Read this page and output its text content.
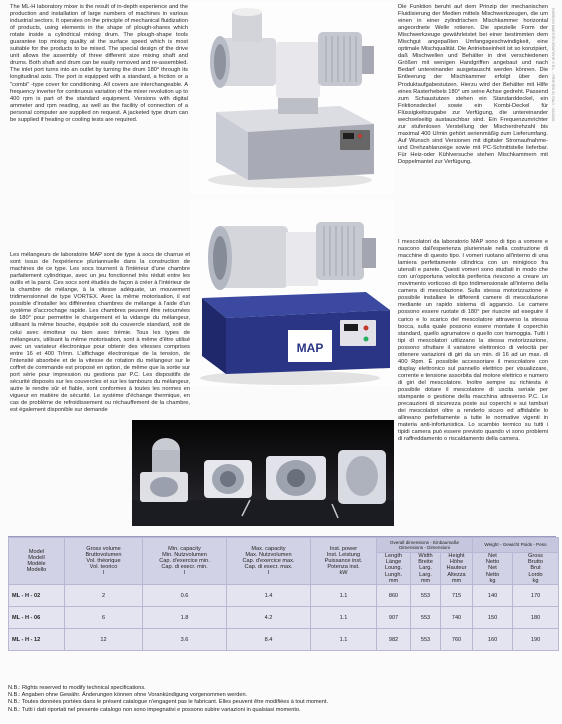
The ML-H laboratory mixer is the result of in-depth experience and the production and installation of large numbers of machines in various industrial sectors. It operates on the principle of mechanical fluidization of products, using elements in the shape of plough-shares which rotate inside a cylindrical mixing drum. The plough-shape tools guarantee top mixing quality at the surface speed which is most suitable for the products to be mixed. The special design of the drive unit allows the assembly of three different size mixing shaft and drums. Both shaft and drum can be easily removed and re-assembled. The inlet port turns into an outlet by turning the drum 180° through its longitudinal axis. The port is equipped with a standard, a friction or a "combi" -type cover for conditioning. All covers are interchangeable. A frequency inverter for continuous variation of the mixer revolution up to 400 rpm is part of the standard equipment. Versions with digital ammeter and rpm reading, as well as the facility of connection of a personal computer are supplied on request. A jacketed type drum can be supplied if heating or cooling tests are required.
Die Funktion beruht auf dem Prinzip der mechanischen Fluidisierung der Medien mittels Mischwerkzeugen, die um einen in einer zylindrischen Mischkammer horizontal angeordnete Welle rotieren. Die spezielle Form der Mischwerkzeuge gewährleistet bei einer bestimmten dem Mischgut angepaßten Umfangsgeschwindigkeit, eine optimale Mischqualität. Die Antriebseinheit ist so konzipiert, daß Mischwellen und Behälter in drei verschiedenen Größen mit wenigen Handgriffen angebaut und nach Bedarf untereinander ausgetauscht werden können. Die Entleerung der Mischkammer erfolgt über den Produktaufgabestutzen. Hierzu wird der Behälter mit Hilfe eines Rasterhebels 180° um seine Achse gedreht. Passend zum Schaustutzen stehen ein Standarddeckel, ein Friktionsdeckel sowie ein Kombi-Deckel für Flüssigkeitszugabe zur Verfügung, die untereinander wechselseitig austauschbar sind. Ein Frequenzumrichter zur stufenlosen Verstellung der Mischerdrehzahl bis maximal 400 U/min gehört serienmäßig zum Lieferumfang. Auf Wunsch sind Versionen mit digitaler Stromaufnahme- und Drehzahlanzeige sowie mit PC-Schnittstelle lieferbar. Für Heiz-oder Kühlversuche stehen Mischkammern mit Doppelmantel zur Verfügung.
GIORGIO MAESTRI GRAFICHE S.R.L. - PRINTED IN ITALY - 03/2006
MAP
Les mélangeurs de laboratoire MAP sont de type à socs de charrue et sont issus de l'expérience pluriannuelle dans la construction de machines de ce type. Les socs tournent à l'intérieur d'une chambre parfaitement cylindrique, avec un jeu fonctionnel très réduit entre les outils et la paroi. Ces socs sont étudiés de façon à créer à l'intérieur de la chambre de mélange, à la vitesse adéquate, un mouvement tridimensionnel de type VORTEX. Avec la même motorisation, il est possible d'installer les différentes chambres de mélange à l'aide d'un système d'accrochage rapide. Les chambres peuvent être retournées de 180° pour permettre le chargement et la vidange du mélangeur, utilisant la même bouche, équipée soit du couvercle standard, soit de celui avec émotteur ou bien avec trémie. Tous les types de mélangeurs, utilisant la même motorisation, sont à même d'être utilisé avec un variateur électronique pour obtenir des vitesses comprises entre 16 et 400 Tr/mn. L'affichage électronique de la tension, de l'intensité absorbée et de la vitesse de rotation du mélangeur sur le coffret de commande est proposé en option, de même que la sortie sur port série pour impression ou gestions par P.C. Les dispositifs de sécurité disposés sur les couvercles et sur les tambours du mélangeur, autre le rendre sûr et fiable, sont conformes à toutes les normes en vigueur en matière de sécurité. Le système d'échange thermique, en cas de problème de refroidissement ou réchauffement de la chambre, est également disponible sur demande
I mescolatori da laboratorio MAP sono di tipo a vomere e nascono dall'esperienza pluriennale nella costruzione di macchine di questo tipo. I vomeri ruotano all'interno di una lamiera perfettamente cilindrica con un minigioco fra utensili e parete. Questi vomeri sono studiati in modo che con un'opportuna velocità periferica riescono a creare un movimento vorticoso di tipo tridimensionale all'interno della camera di mescolazione. Sulla stessa motorizzazione è possibile installare le differenti camere di mescolazione mediante un rapido sistema di aggancio. Le camere possono essere ruotate di 180° per riuscire ad eseguire il carico e lo scarico del mescolatore attraverso la stessa bocca, sulla quale possono essere montate il coperchio standard, quello agrumatore o quello con tramoggia. Tutti i tipi di mescolatori utilizzano la stessa motorizzazione, possono sfruttare il variatore elettronico di velocità per ottenere variazioni di giri da un min. di 16 ad un max. di 400 Rpm. È possibile accessoriare il mescolatore con display elettronico sul pannello elettrico per visualizzare, corrente e tensione assorbita dal motore elettrico e numero di giri del mescolatore. Inoltre sempre su richiesta è possibile dotare il mescolatore di uscita seriale per stampante o gestione della macchina attraverso P.C. Le precauzioni di sicurezza poste sui coperchi e sui tamburi dei mescolatori oltre a renderlo sicuro ed affidabile lo allineano perfettamente a tutte le normative vigenti in materia anti-infortunistica. Lo scambio termico su tutti i tipidi camera può essere previsto quando vi sono problemi di raffreddamento o riscaldamento della camera.
Model
Modell
Modèle
Modello	Gross volume
Bruttovolumen
Vol. théorique
Vol. teorico
l	Min. capacity
Min. Nutzvolumen
Cap. d'exercice min.
Cap. di esecr. min.
l	Max. capacity
Max. Nutzvolumen
Cap. d'exercice max.
Cap. di esecr. max.
l	Inst. power
Inst. Leistung
Puissance inst.
Potenza inst.
kW	Overall dimensions - Einbaumaße Dimensions - Dimensioni			Weight - Gewicht Poids - Peso	
					Length
Länge
Loung.
Lungh.
mm	Width
Breite
Larg.
Larg.
mm	Height
Höhe
Hauteur
Altezza
mm	Net
Netto
Net
Netto
kg	Gross
Brutto
Brut
Lordo
kg
ML - H - 02	2	0.6	1.4	1.1	860	553	715	140	170
ML - H - 06	6	1.8	4.2	1.1	907	553	740	150	180
ML - H - 12	12	3.6	8.4	1.1	982	553	760	160	190
N.B.: Rights reserved to modify technical specifications.
N.B.: Angaben ohne Gewähr. Änderungen können ohne Vorankündigung vorgenommen werden.
N.B.: Toutes données portées dans le présent catalogue n'engagent pas le fabricant. Elles peuvent être modifiées à tout moment.
N.B.: Tutti i dati riportati nel presente catalogo non sono impegnativi e possono subire variazioni in qualsiasi momento.
